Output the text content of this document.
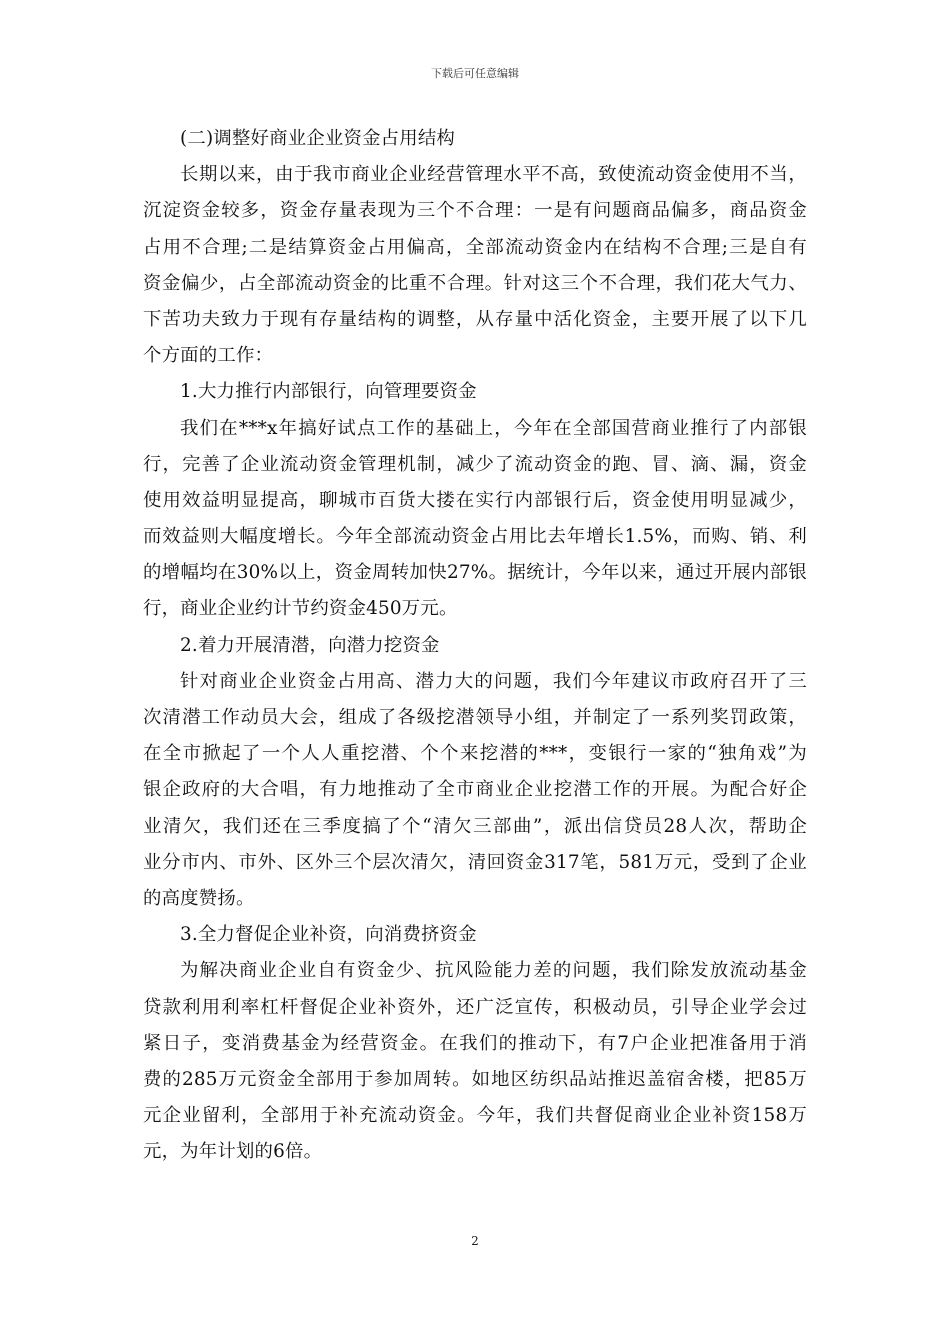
下载后可任意编辑
(二)调整好商业企业资金占用结构
长期以来，由于我市商业企业经营管理水平不高，致使流动资金使用不当，
沉淀资金较多，资金存量表现为三个不合理：一是有问题商品偏多，商品资金
占用不合理;二是结算资金占用偏高，全部流动资金内在结构不合理;三是自有
资金偏少，占全部流动资金的比重不合理。针对这三个不合理，我们花大气力、
下苦功夫致力于现有存量结构的调整，从存量中活化资金，主要开展了以下几
个方面的工作：
1.大力推行内部银行，向管理要资金
我们在***x年搞好试点工作的基础上，今年在全部国营商业推行了内部银
行，完善了企业流动资金管理机制，减少了流动资金的跑、冒、滴、漏，资金
使用效益明显提高，聊城市百货大搂在实行内部银行后，资金使用明显减少，
而效益则大幅度增长。今年全部流动资金占用比去年增长1.5%，而购、销、利
的增幅均在30%以上，资金周转加快27%。据统计，今年以来，通过开展内部银
行，商业企业约计节约资金450万元。
2.着力开展清潜，向潜力挖资金
针对商业企业资金占用高、潜力大的问题，我们今年建议市政府召开了三
次清潜工作动员大会，组成了各级挖潜领导小组，并制定了一系列奖罚政策，
在全市掀起了一个人人重挖潜、个个来挖潜的***，变银行一家的“独角戏”为
银企政府的大合唱，有力地推动了全市商业企业挖潜工作的开展。为配合好企
业清欠，我们还在三季度搞了个“清欠三部曲”，派出信贷员28人次，帮助企
业分市内、市外、区外三个层次清欠，清回资金317笔，581万元，受到了企业
的高度赞扬。
3.全力督促企业补资，向消费挤资金
为解决商业企业自有资金少、抗风险能力差的问题，我们除发放流动基金
贷款利用利率杠杆督促企业补资外，还广泛宣传，积极动员，引导企业学会过
紧日子，变消费基金为经营资金。在我们的推动下，有7户企业把准备用于消
费的285万元资金全部用于参加周转。如地区纺织品站推迟盖宿舍楼，把85万
元企业留利，全部用于补充流动资金。今年，我们共督促商业企业补资158万
元，为年计划的6倍。
2
